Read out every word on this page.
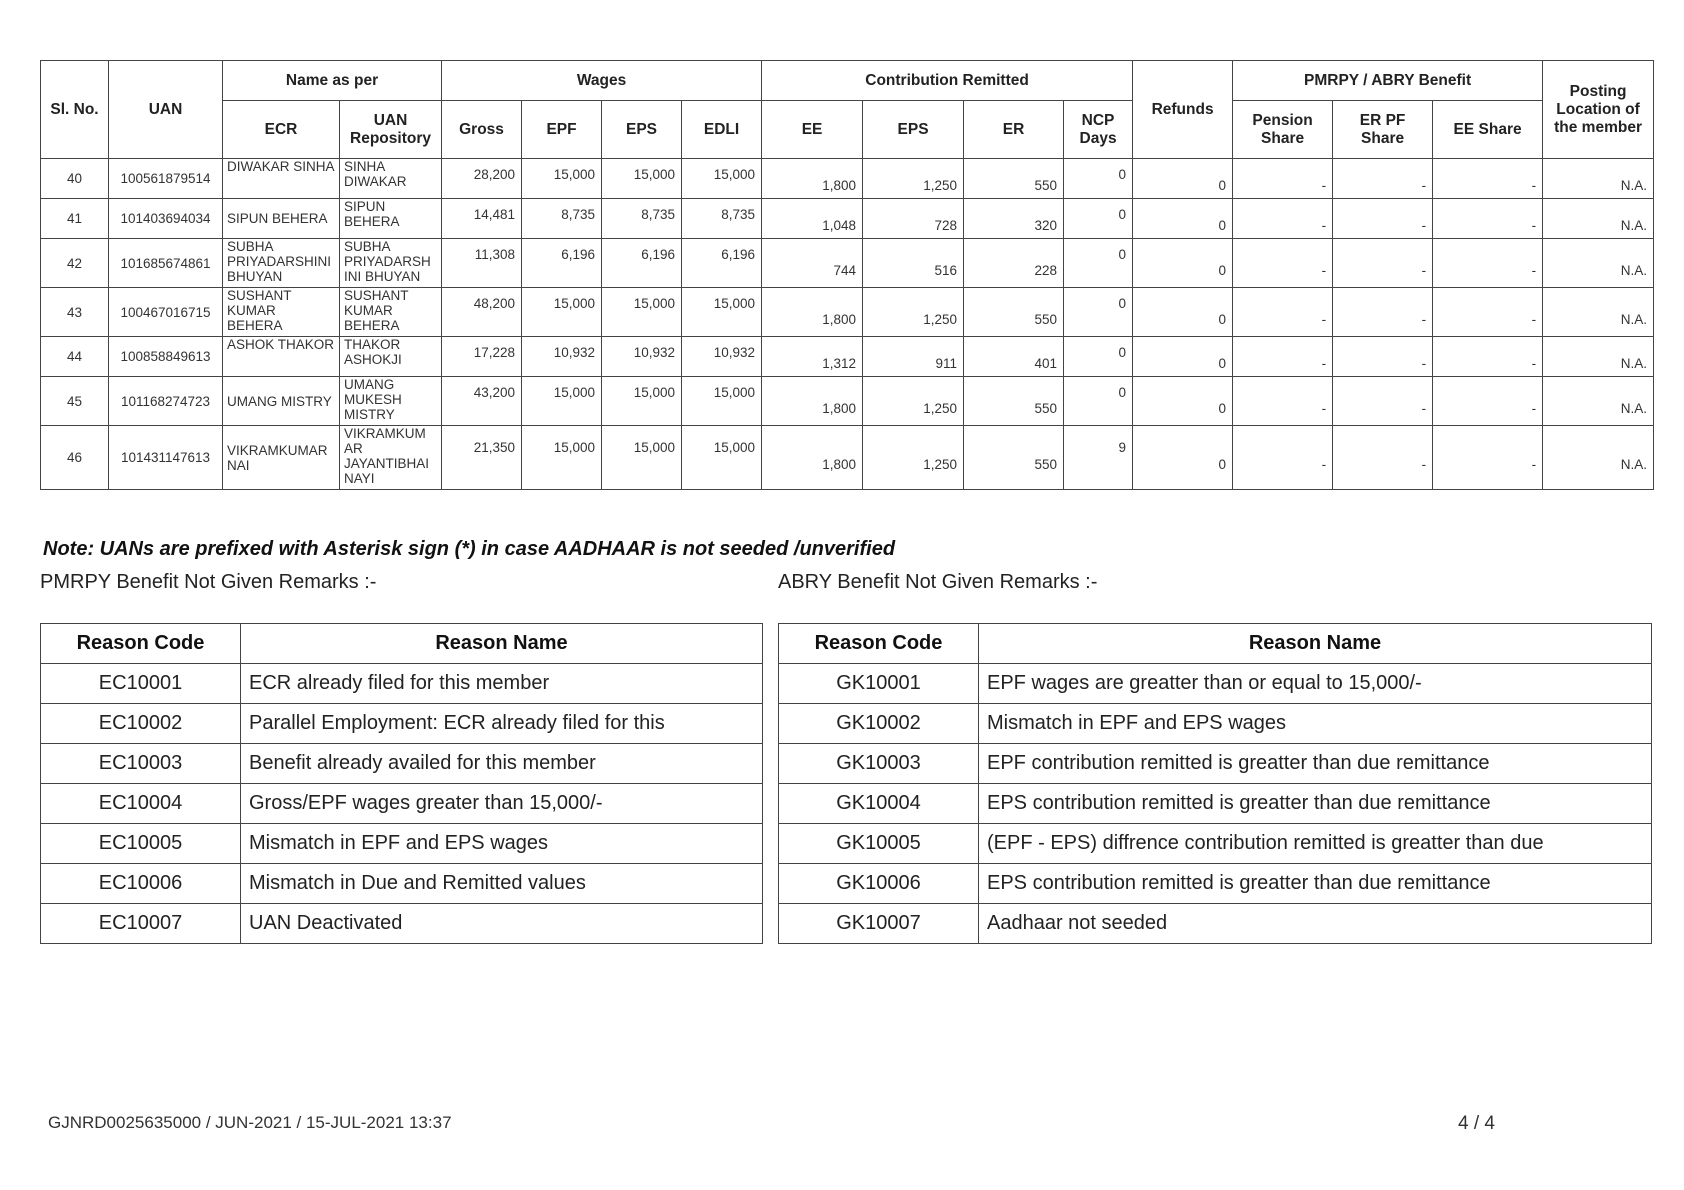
Sl. No.	UAN	Name as per		Wages				Contribution Remitted				Refunds	PMRPY / ABRY Benefit			Posting Location of the member
		ECR	UAN Repository	Gross	EPF	EPS	EDLI	EE	EPS	ER	NCP Days		Pension Share	ER PF Share	EE Share	
40	100561879514	DIWAKAR SINHA	SINHA DIWAKAR	28,200	15,000	15,000	15,000	1,800	1,250	550	0	0	-	-	-	N.A.
41	101403694034	SIPUN BEHERA	SIPUN BEHERA	14,481	8,735	8,735	8,735	1,048	728	320	0	0	-	-	-	N.A.
42	101685674861	SUBHA PRIYADARSHINI BHUYAN	SUBHA PRIYADARSH INI BHUYAN	11,308	6,196	6,196	6,196	744	516	228	0	0	-	-	-	N.A.
43	100467016715	SUSHANT KUMAR BEHERA	SUSHANT KUMAR BEHERA	48,200	15,000	15,000	15,000	1,800	1,250	550	0	0	-	-	-	N.A.
44	100858849613	ASHOK THAKOR	THAKOR ASHOKJI	17,228	10,932	10,932	10,932	1,312	911	401	0	0	-	-	-	N.A.
45	101168274723	UMANG MISTRY	UMANG MUKESH MISTRY	43,200	15,000	15,000	15,000	1,800	1,250	550	0	0	-	-	-	N.A.
46	101431147613	VIKRAMKUMAR NAI	VIKRAMKUM AR JAYANTIBHAI NAYI	21,350	15,000	15,000	15,000	1,800	1,250	550	9	0	-	-	-	N.A.
Note: UANs are prefixed with Asterisk sign (*) in case AADHAAR is not seeded /unverified
PMRPY Benefit Not Given Remarks :-	ABRY Benefit Not Given Remarks :-
Reason Code	Reason Name
EC10001	ECR already filed for this member
EC10002	Parallel Employment: ECR already filed for this
EC10003	Benefit already availed for this member
EC10004	Gross/EPF wages greater than 15,000/-
EC10005	Mismatch in EPF and EPS wages
EC10006	Mismatch in Due and Remitted values
EC10007	UAN Deactivated
Reason Code	Reason Name
GK10001	EPF wages are greatter than or equal to 15,000/-
GK10002	Mismatch in EPF and EPS wages
GK10003	EPF contribution remitted is greatter than due remittance
GK10004	EPS contribution remitted is greatter than due remittance
GK10005	(EPF - EPS) diffrence contribution remitted is greatter than due
GK10006	EPS contribution remitted is greatter than due remittance
GK10007	Aadhaar not seeded
GJNRD0025635000 / JUN-2021 / 15-JUL-2021 13:37	4 / 4
